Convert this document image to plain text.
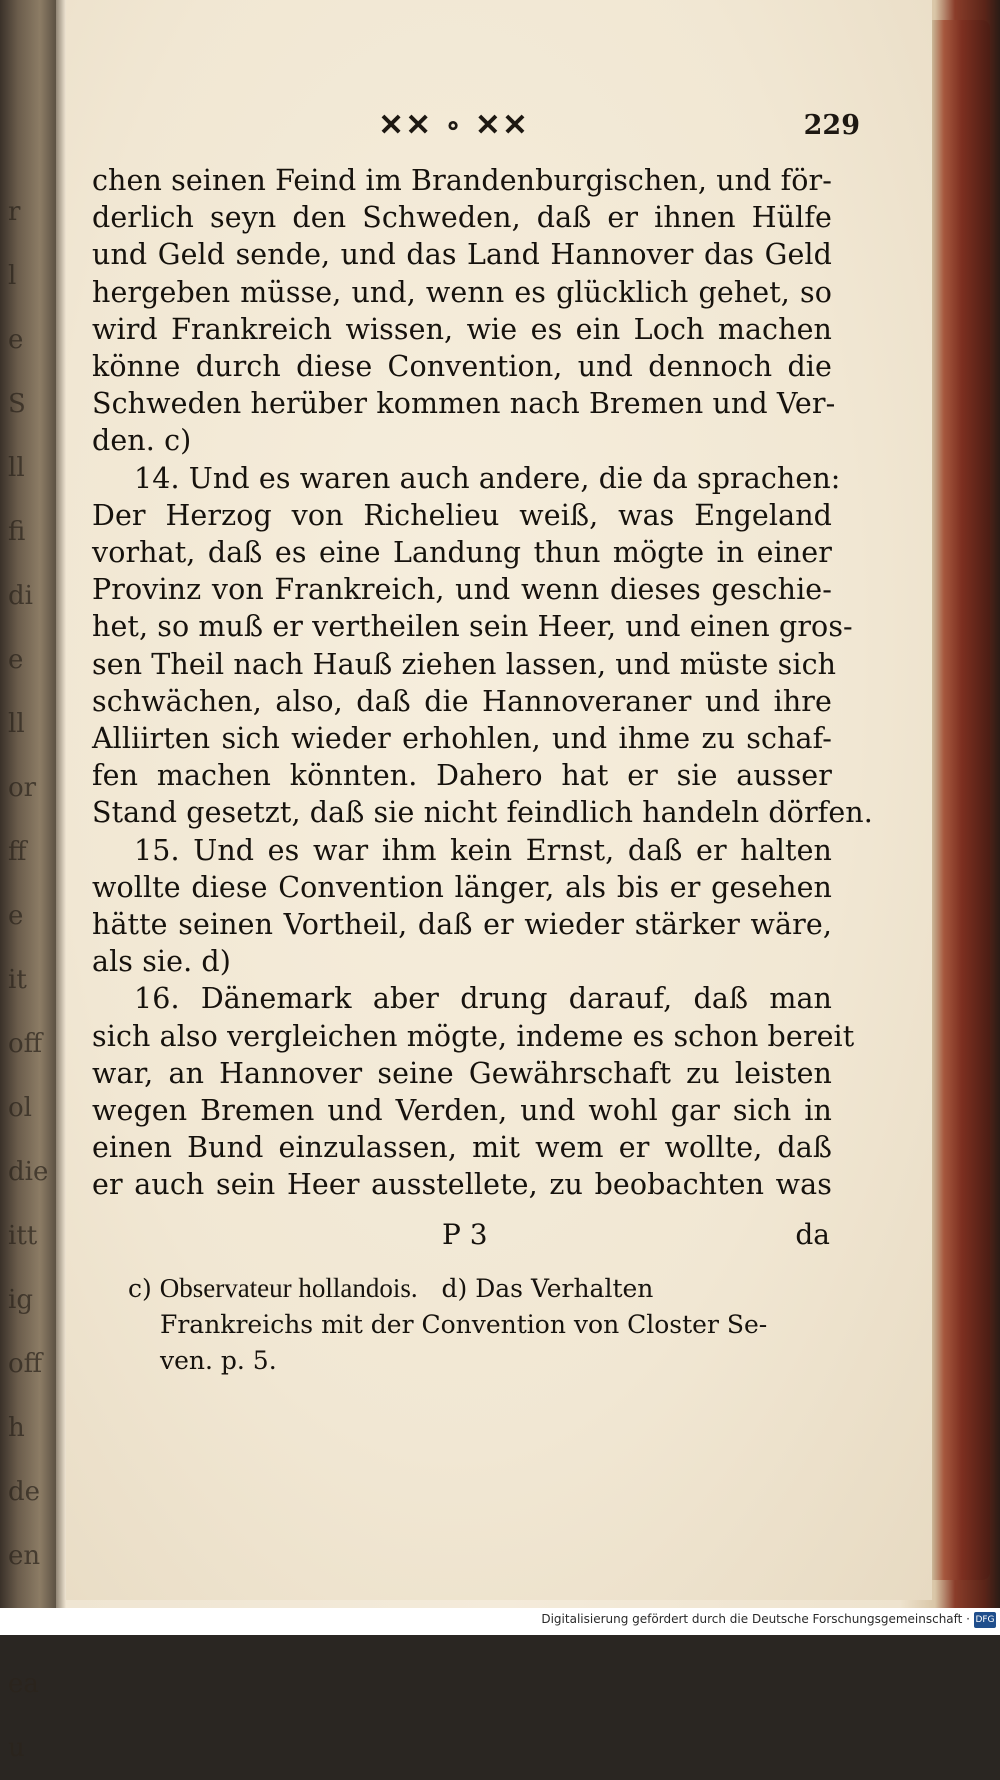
r
l
e
S
ll
fi
di
e
ll
or
ff
e
it
off
ol
die
itt
ig
off
h
de
en
ea
u
✕✕ ∘ ✕✕	229
chen seinen Feind im Brandenburgischen, und för-
derlich seyn den Schweden, daß er ihnen Hülfe
und Geld sende, und das Land Hannover das Geld
hergeben müsse, und, wenn es glücklich gehet, so
wird Frankreich wissen, wie es ein Loch machen
könne durch diese Convention, und dennoch die
Schweden herüber kommen nach Bremen und Ver-
den. c)
14. Und es waren auch andere, die da sprachen:
Der Herzog von Richelieu weiß, was Engeland
vorhat, daß es eine Landung thun mögte in einer
Provinz von Frankreich, und wenn dieses geschie-
het, so muß er vertheilen sein Heer, und einen gros-
sen Theil nach Hauß ziehen lassen, und müste sich
schwächen, also, daß die Hannoveraner und ihre
Alliirten sich wieder erhohlen, und ihme zu schaf-
fen machen könnten. Dahero hat er sie ausser
Stand gesetzt, daß sie nicht feindlich handeln dörfen.
15. Und es war ihm kein Ernst, daß er halten
wollte diese Convention länger, als bis er gesehen
hätte seinen Vortheil, daß er wieder stärker wäre,
als sie. d)
16. Dänemark aber drung darauf, daß man
sich also vergleichen mögte, indeme es schon bereit
war, an Hannover seine Gewährschaft zu leisten
wegen Bremen und Verden, und wohl gar sich in
einen Bund einzulassen, mit wem er wollte, daß
er auch sein Heer ausstellete, zu beobachten was
P 3	da
c) Observateur hollandois. d) Das Verhalten
Frankreichs mit der Convention von Closter Se-
ven. p. 5.
Digitalisierung gefördert durch die Deutsche Forschungsgemeinschaft · DFG
